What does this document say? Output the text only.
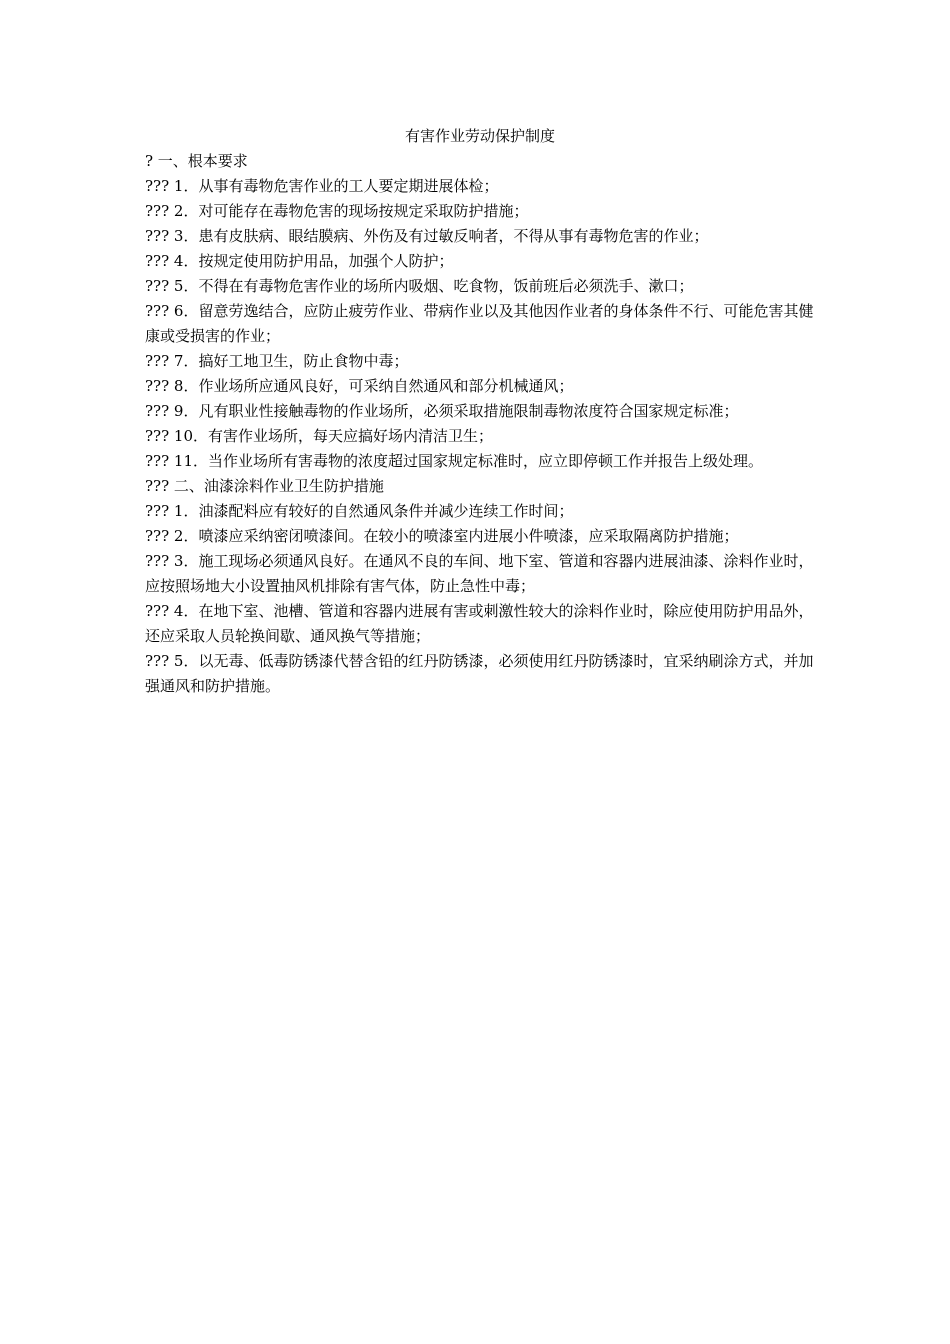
有害作业劳动保护制度

? 一、根本要求

??? 1．从事有毒物危害作业的工人要定期进展体检；

??? 2．对可能存在毒物危害的现场按规定采取防护措施；

??? 3．患有皮肤病、眼结膜病、外伤及有过敏反响者，不得从事有毒物危害的作业；

??? 4．按规定使用防护用品，加强个人防护；

??? 5．不得在有毒物危害作业的场所内吸烟、吃食物，饭前班后必须洗手、漱口；

??? 6．留意劳逸结合，应防止疲劳作业、带病作业以及其他因作业者的身体条件不行、可能危害其健康或受损害的作业；

??? 7．搞好工地卫生，防止食物中毒；

??? 8．作业场所应通风良好，可采纳自然通风和部分机械通风；

??? 9．凡有职业性接触毒物的作业场所，必须采取措施限制毒物浓度符合国家规定标准；

??? 10．有害作业场所，每天应搞好场内清洁卫生；

??? 11．当作业场所有害毒物的浓度超过国家规定标准时，应立即停顿工作并报告上级处理。

??? 二、油漆涂料作业卫生防护措施

??? 1．油漆配料应有较好的自然通风条件并减少连续工作时间；

??? 2．喷漆应采纳密闭喷漆间。在较小的喷漆室内进展小件喷漆，应采取隔离防护措施；

??? 3．施工现场必须通风良好。在通风不良的车间、地下室、管道和容器内进展油漆、涂料作业时，应按照场地大小设置抽风机排除有害气体，防止急性中毒；

??? 4．在地下室、池槽、管道和容器内进展有害或刺激性较大的涂料作业时，除应使用防护用品外，还应采取人员轮换间歇、通风换气等措施；

??? 5．以无毒、低毒防锈漆代替含铅的红丹防锈漆，必须使用红丹防锈漆时，宜采纳刷涂方式，并加强通风和防护措施。
